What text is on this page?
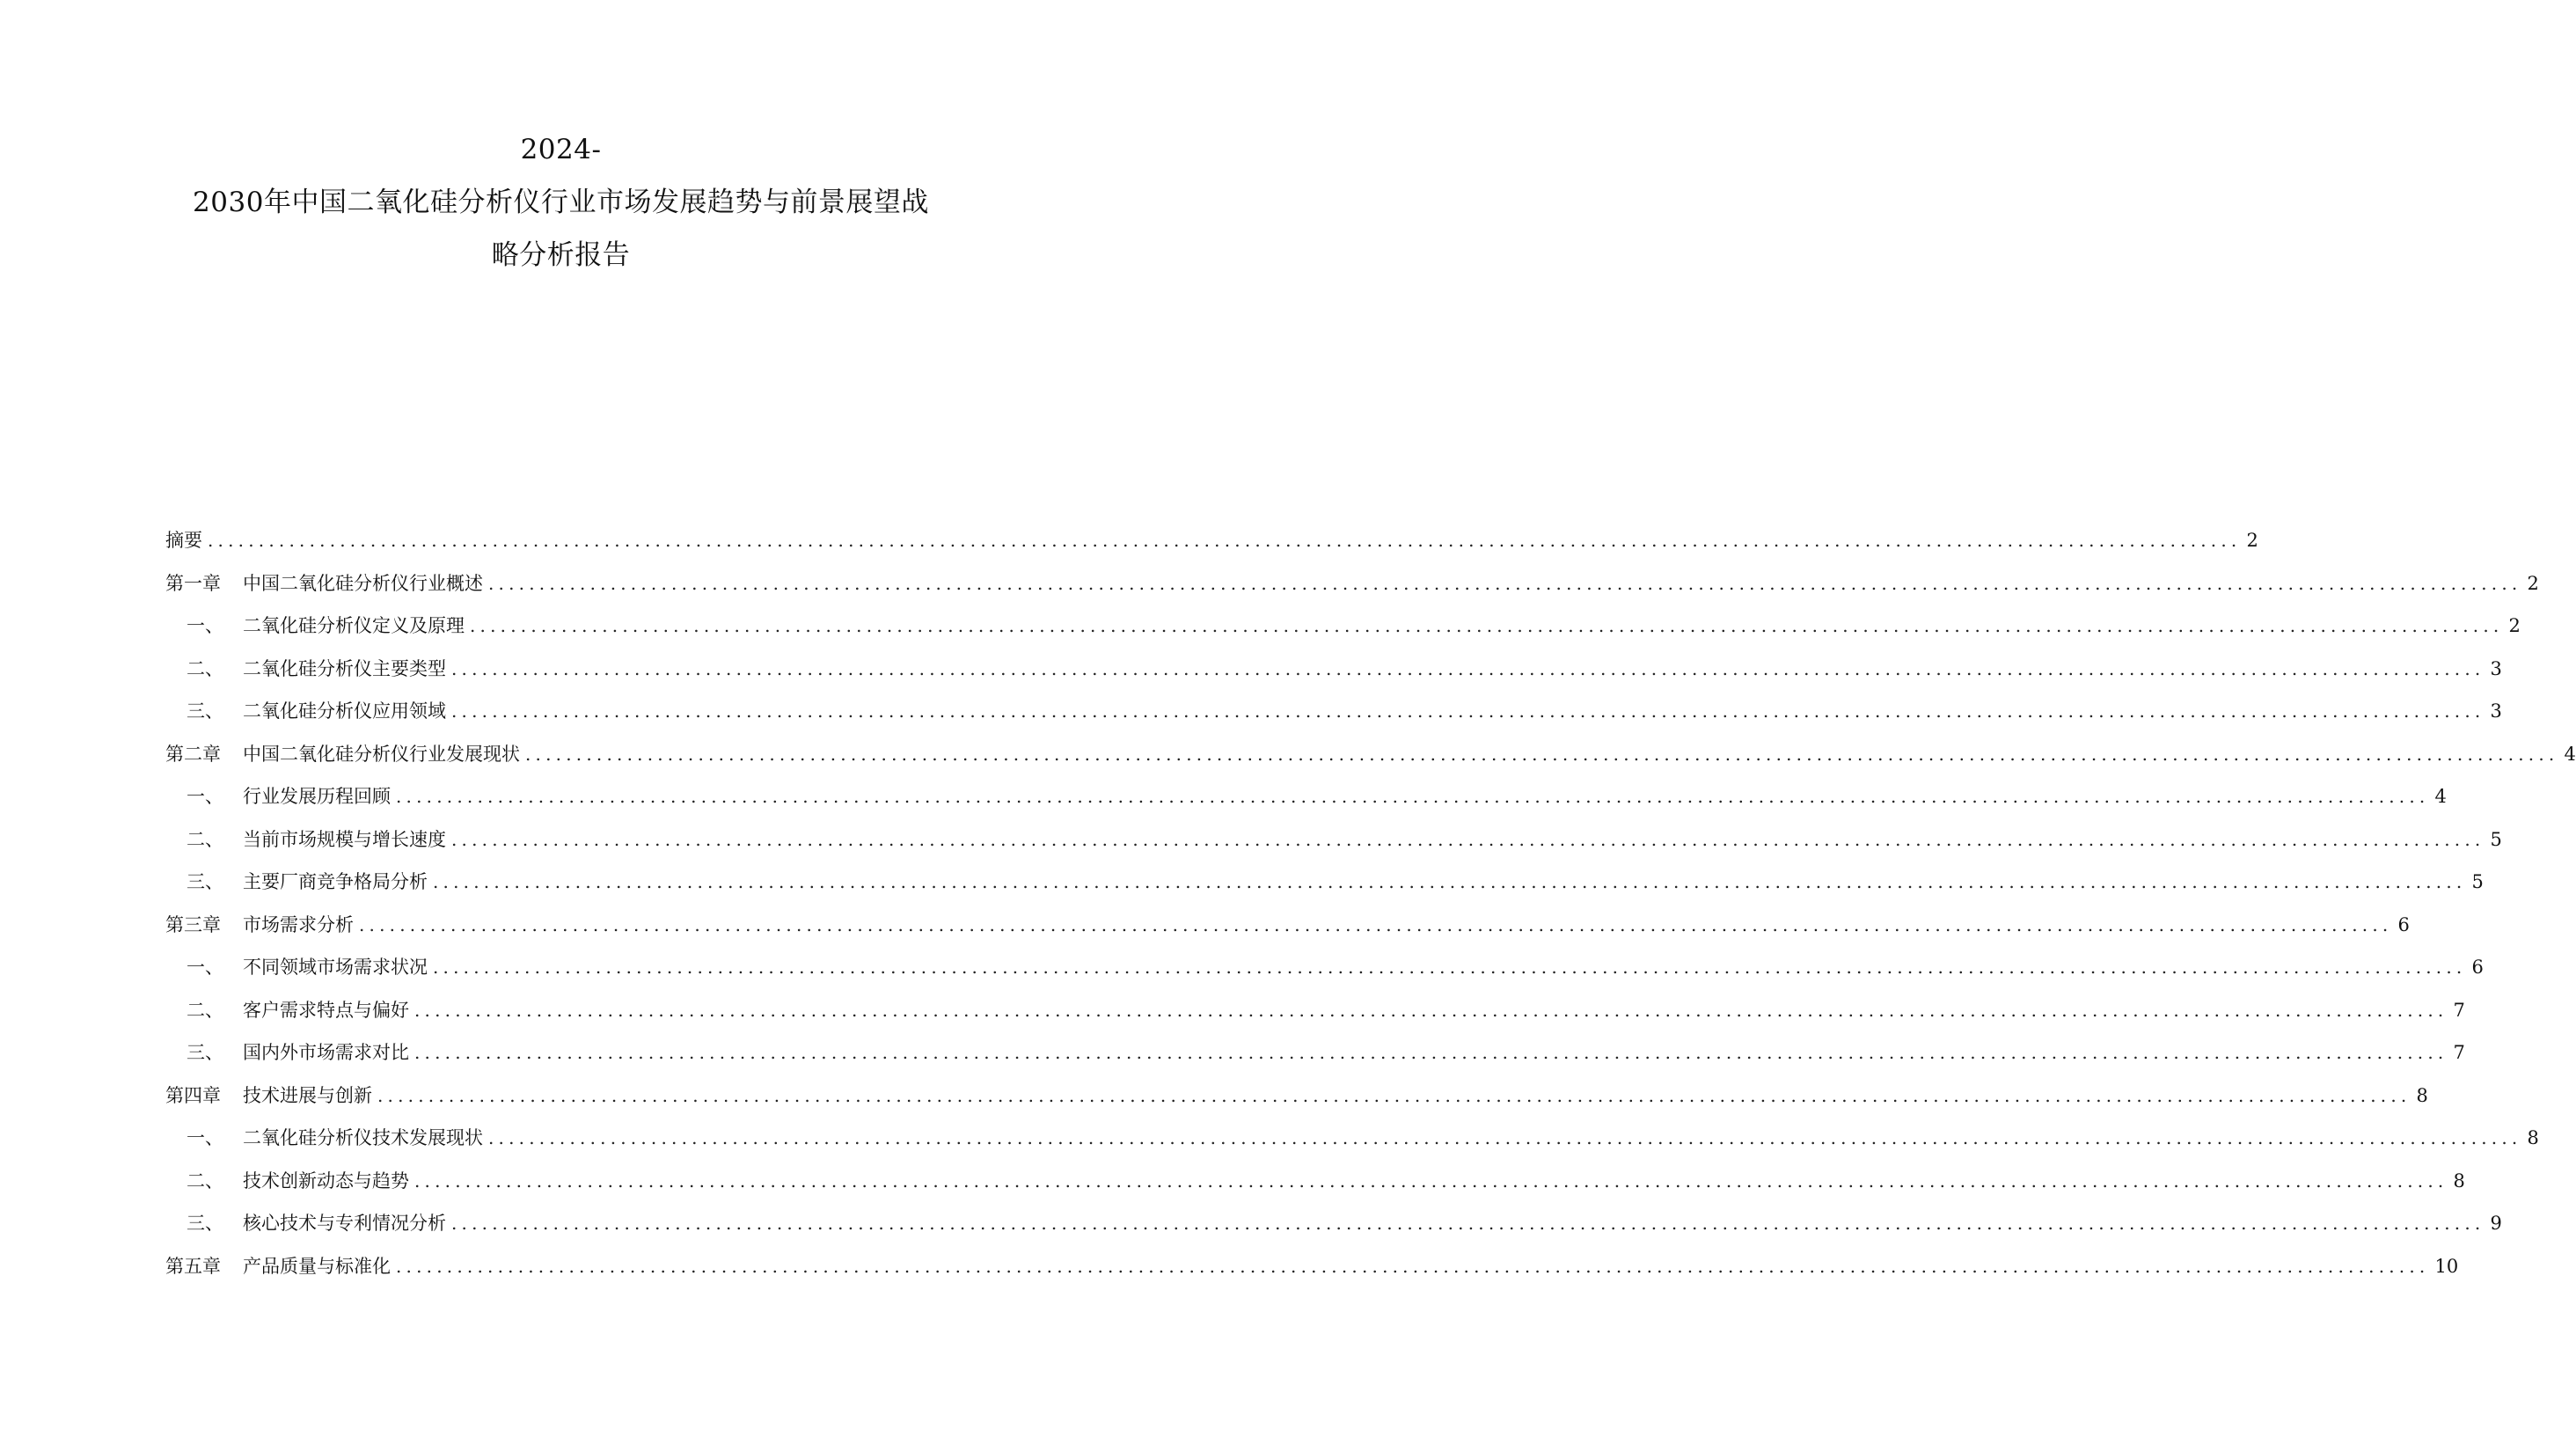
2024-
2030年中国二氧化硅分析仪行业市场发展趋势与前景展望战
略分析报告
摘要 ........................................................................................................................................................................................................ 2
第一章	中国二氧化硅分析仪行业概述 ........................................................................................................................................................................................................ 2
一、	二氧化硅分析仪定义及原理 ........................................................................................................................................................................................................ 2
二、	二氧化硅分析仪主要类型 ........................................................................................................................................................................................................ 3
三、	二氧化硅分析仪应用领域 ........................................................................................................................................................................................................ 3
第二章	中国二氧化硅分析仪行业发展现状 ........................................................................................................................................................................................................ 4
一、	行业发展历程回顾 ........................................................................................................................................................................................................ 4
二、	当前市场规模与增长速度 ........................................................................................................................................................................................................ 5
三、	主要厂商竞争格局分析 ........................................................................................................................................................................................................ 5
第三章	市场需求分析 ........................................................................................................................................................................................................ 6
一、	不同领域市场需求状况 ........................................................................................................................................................................................................ 6
二、	客户需求特点与偏好 ........................................................................................................................................................................................................ 7
三、	国内外市场需求对比 ........................................................................................................................................................................................................ 7
第四章	技术进展与创新 ........................................................................................................................................................................................................ 8
一、	二氧化硅分析仪技术发展现状 ........................................................................................................................................................................................................ 8
二、	技术创新动态与趋势 ........................................................................................................................................................................................................ 8
三、	核心技术与专利情况分析 ........................................................................................................................................................................................................ 9
第五章	产品质量与标准化 ........................................................................................................................................................................................................ 10
